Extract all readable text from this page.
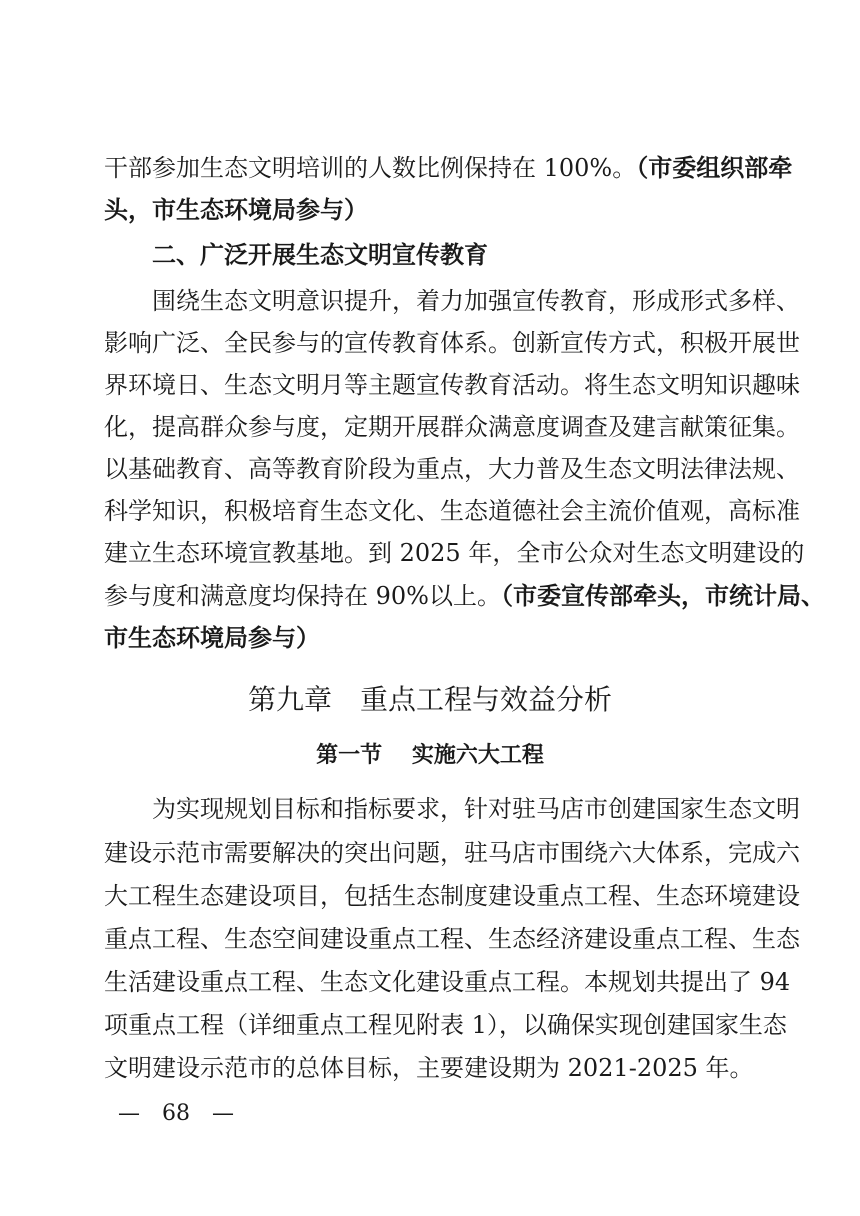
干部参加生态文明培训的人数比例保持在 100%。（市委组织部牵
头，市生态环境局参与）
二、广泛开展生态文明宣传教育
围绕生态文明意识提升，着力加强宣传教育，形成形式多样、
影响广泛、全民参与的宣传教育体系。创新宣传方式，积极开展世
界环境日、生态文明月等主题宣传教育活动。将生态文明知识趣味
化，提高群众参与度，定期开展群众满意度调查及建言献策征集。
以基础教育、高等教育阶段为重点，大力普及生态文明法律法规、
科学知识，积极培育生态文化、生态道德社会主流价值观，高标准
建立生态环境宣教基地。到 2025 年，全市公众对生态文明建设的
参与度和满意度均保持在 90%以上。（市委宣传部牵头，市统计局、
市生态环境局参与）
第九章　重点工程与效益分析
第一节　 实施六大工程
为实现规划目标和指标要求，针对驻马店市创建国家生态文明
建设示范市需要解决的突出问题，驻马店市围绕六大体系，完成六
大工程生态建设项目，包括生态制度建设重点工程、生态环境建设
重点工程、生态空间建设重点工程、生态经济建设重点工程、生态
生活建设重点工程、生态文化建设重点工程。本规划共提出了 94
项重点工程（详细重点工程见附表 1），以确保实现创建国家生态
文明建设示范市的总体目标，主要建设期为 2021-2025 年。
—　68　—
